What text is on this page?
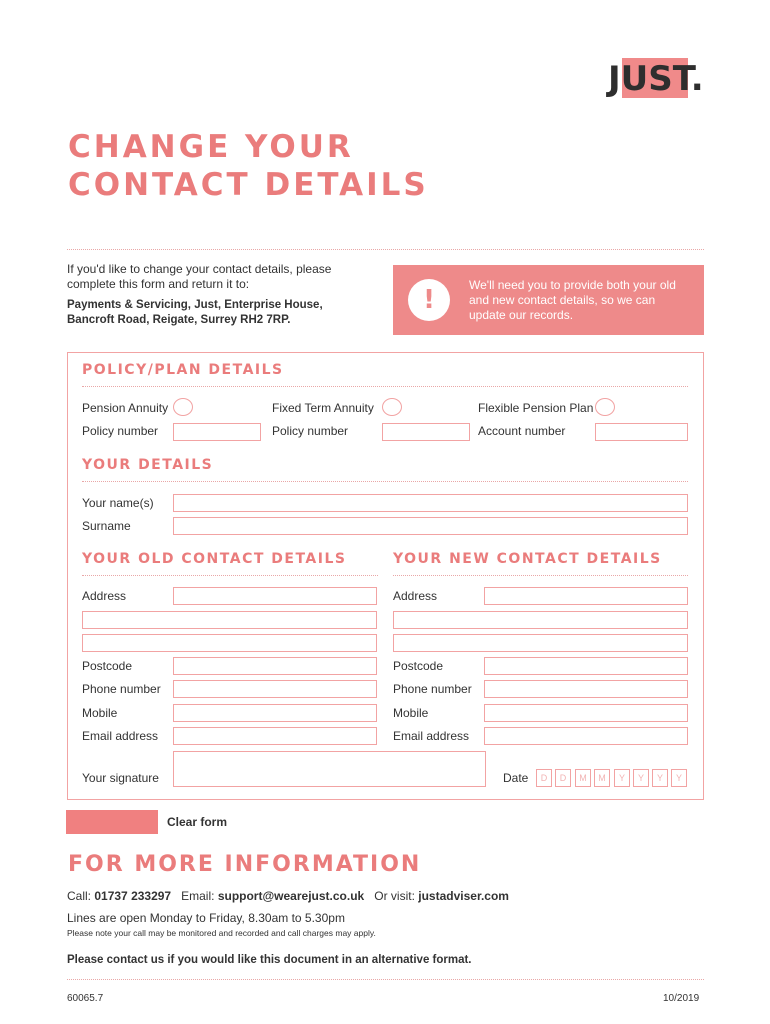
JUST.
CHANGE YOUR
CONTACT DETAILS
If you'd like to change your contact details, please complete this form and return it to:
Payments & Servicing, Just, Enterprise House, Bancroft Road, Reigate, Surrey RH2 7RP.
!	We'll need you to provide both your old and new contact details, so we can update our records.
POLICY/PLAN DETAILS
Pension Annuity	Fixed Term Annuity	Flexible Pension Plan
Policy number	Policy number	Account number
YOUR DETAILS
Your name(s)
Surname
YOUR OLD CONTACT DETAILS
Address
Postcode
Phone number
Mobile
Email address
YOUR NEW CONTACT DETAILS
Address
Postcode
Phone number
Mobile
Email address
Your signature	Date	D	D	M	M	Y	Y	Y	Y
Clear form
FOR MORE INFORMATION
Call: 01737 233297 Email: support@wearejust.co.uk Or visit: justadviser.com
Lines are open Monday to Friday, 8.30am to 5.30pm
Please note your call may be monitored and recorded and call charges may apply.
Please contact us if you would like this document in an alternative format.
60065.7	10/2019
